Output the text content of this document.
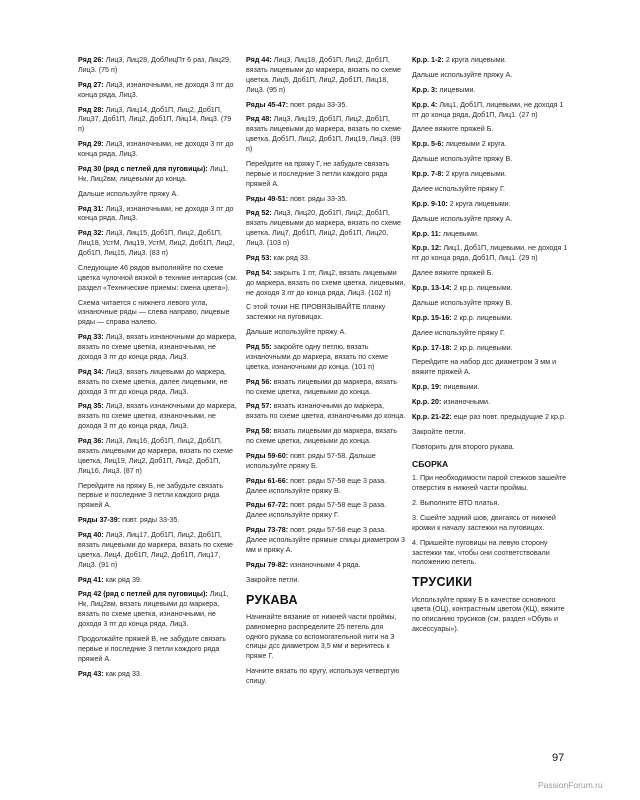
Ряд 26: Лиц3, Лиц28, ДобЛицПт 6 раз, Лиц29, Лиц3. (75 п)

Ряд 27: Лиц3, изнаночными, не доходя 3 пт до конца ряда, Лиц3.

Ряд 28: Лиц3, Лиц14, Доб1П, Лиц2, Доб1П, Лиц37, Доб1П, Лиц2, Доб1П, Лиц14, Лиц3. (79 п)

Ряд 29: Лиц3, изнаночными, не доходя 3 пт до конца ряда, Лиц3.

Ряд 30 (ряд с петлей для пуговицы): Лиц1, Нк, Лиц2вм, лицевыми до конца.

Дальше используйте пряжу А.

Ряд 31: Лиц3, изнаночными, не доходя 3 пт до конца ряда, Лиц3.

Ряд 32: Лиц3, Лиц15, Доб1П, Лиц2, Доб1П, Лиц18, УстМ, Лиц19, УстМ, Лиц2, Доб1П, Лиц2, Доб1П, Лиц15, Лиц3. (83 п)

Следующие 46 рядов выполняйте по схеме цветка чулочной вязкой в технике интарсия (см. раздел «Технические приемы: смена цвета»).

Схема читается с нижнего левого угла, изнаночные ряды — слева направо, лицевые ряды — справа налево.

Ряд 33: Лиц3, вязать изнаночными до маркера, вязать по схеме цветка, изнаночными, не доходя 3 пт до конца ряда, Лиц3.

Ряд 34: Лиц3, вязать лицевыми до маркера, вязать по схеме цветка, далее лицевыми, не доходя 3 пт до конца ряда, Лиц3.

Ряд 35: Лиц3, вязать изнаночными до маркера, вязать по схеме цветка, изнаночными, не доходя 3 пт до конца ряда, Лиц3.

Ряд 36: Лиц3, Лиц16, Доб1П, Лиц2, Доб1П, вязать лицевыми до маркера, вязать по схеме цветка, Лиц19, Лиц2, Доб1П, Лиц2, Доб1П, Лиц16, Лиц3. (87 п)

Перейдите на пряжу Б, не забудьте связать первые и последние 3 петли каждого ряда пряжей А.

Ряды 37-39: повт. ряды 33-35.

Ряд 40: Лиц3, Лиц17, Доб1П, Лиц2, Доб1П, вязать лицевыми до маркера, вязать по схеме цветка, Лиц4, Доб1П, Лиц2, Доб1П, Лиц17, Лиц3. (91 п)

Ряд 41: как ряд 39.

Ряд 42 (ряд с петлей для пуговицы): Лиц1, Нк, Лиц2вм, вязать лицевыми до маркера, вязать по схеме цветка, изнаночными, не доходя 3 пт до конца ряда, Лиц3.

Продолжайте пряжей В, не забудьте связать первые и последние 3 петли каждого ряда пряжей А.

Ряд 43: как ряд 33.

Ряд 44: Лиц3, Лиц18, Доб1П, Лиц2, Доб1П, вязать лицевыми до маркера, вязать по схеме цветка, Лиц5, Доб1П, Лиц2, Доб1П, Лиц18, Лиц3. (95 п)

Ряды 45-47: повт. ряды 33-35.

Ряд 48: Лиц3, Лиц19, Доб1П, Лиц2, Доб1П, вязать лицевыми до маркера, вязать по схеме цветка, Доб1П, Лиц2, Доб1П, Лиц19, Лиц3. (99 п)

Перейдите на пряжу Г, не забудьте связать первые и последние 3 петли каждого ряда пряжей А.

Ряды 49-51: повт. ряды 33-35.

Ряд 52: Лиц3, Лиц20, Доб1П, Лиц2, Доб1П, вязать лицевыми до маркера, вязать по схеме цветка, Лиц7, Доб1П, Лиц2, Доб1П, Лиц20, Лиц3. (103 п)

Ряд 53: как ряд 33.

Ряд 54: закрыть 1 пт, Лиц2, вязать лицевыми до маркера, вязать по схеме цветка, лицевыми, не доходя 3 пт до конца ряда, Лиц3. (102 п)

С этой точки НЕ ПРОВЯЗЫВАЙТЕ планку застежки на пуговицах.

Дальше используйте пряжу А.

Ряд 55: закройте одну петлю, вязать изнаночными до маркера, вязать по схеме цветка, изнаночными до конца. (101 п)

Ряд 56: вязать лицевыми до маркера, вязать по схеме цветка, лицевыми до конца.

Ряд 57: вязать изнаночными до маркера, вязать по схеме цветка, изнаночными до конца.

Ряд 58: вязать лицевыми до маркера, вязать по схеме цветка, лицевыми до конца.

Ряды 59-60: повт. ряды 57-58. Дальше используйте пряжу Б.

Ряды 61-66: повт. ряды 57-58 еще 3 раза. Далее используйте пряжу В.

Ряды 67-72: повт. ряды 57-58 еще 3 раза. Далее используйте пряжу Г.

Ряды 73-78: повт. ряды 57-58 еще 3 раза. Далее используйте прямые спицы диаметром 3 мм и пряжу А.

Ряды 79-82: изнаночными 4 ряда.

Закройте петли.

РУКАВА

Начинайте вязание от нижней части проймы, равномерно распределите 25 петель для одного рукава со вспомогательной нити на 3 спицы дсс диаметром 3,5 мм и вернитесь к пряже Г.

Начните вязать по кругу, используя четвертую спицу.

Кр.р. 1-2: 2 круга лицевыми.

Дальше используйте пряжу А.

Кр.р. 3: лицевыми.

Кр.р. 4: Лиц1, Доб1П, лицевыми, не доходя 1 пт до конца ряда, Доб1П, Лиц1. (27 п)

Далее вяжите пряжей Б.

Кр.р. 5-6: лицевыми 2 круга.

Дальше используйте пряжу В.

Кр.р. 7-8: 2 круга лицевыми.

Далее используйте пряжу Г.

Кр.р. 9-10: 2 круга лицевыми.

Дальше используйте пряжу А.

Кр.р. 11: лицевыми.

Кр.р. 12: Лиц1, Доб1П, лицевыми, не доходя 1 пт до конца ряда, Доб1П, Лиц1. (29 п)

Далее вяжите пряжей Б.

Кр.р. 13-14: 2 кр.р. лицевыми.

Дальше используйте пряжу В.

Кр.р. 15-16: 2 кр.р. лицевыми.

Далее используйте пряжу Г.

Кр.р. 17-18: 2 кр.р. лицевыми.

Перейдите на набор дсс диаметром 3 мм и вяжите пряжей А.

Кр.р. 19: лицевыми.

Кр.р. 20: изнаночными.

Кр.р. 21-22: еще раз повт. предыдущие 2 кр.р.

Закройте петли.

Повторить для второго рукава.

СБОРКА

1. При необходимости парой стежков зашейте отверстия в нижней части проймы.

2. Выполните ВТО платья.

3. Сшейте задний шов, двигаясь от нижней кромки к началу застежки на пуговицах.

4. Пришейте пуговицы на левую сторону застежки так, чтобы они соответствовали положению петель.

ТРУСИКИ

Используйте пряжу Б в качестве основного цвета (ОЦ), контрастным цветом (КЦ), вяжите по описанию трусиков (см. раздел «Обувь и аксессуары»).

97
PassionForum.ru
